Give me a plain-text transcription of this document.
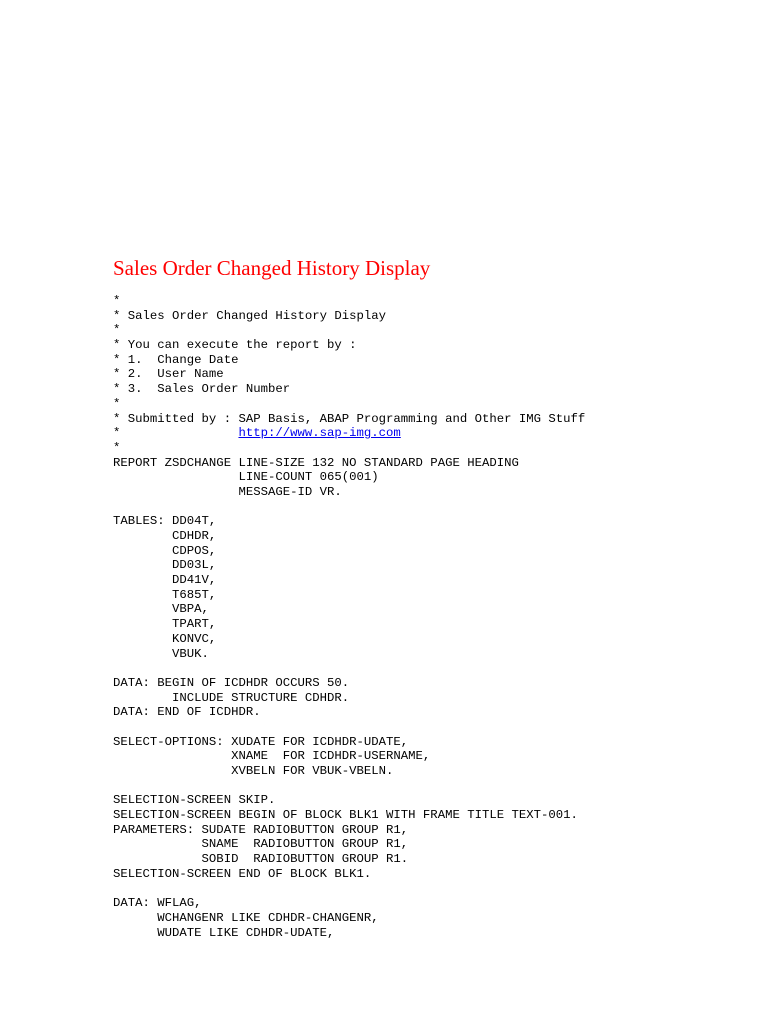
Sales Order Changed History Display
*
* Sales Order Changed History Display
*
* You can execute the report by :
* 1.  Change Date
* 2.  User Name
* 3.  Sales Order Number
*
* Submitted by : SAP Basis, ABAP Programming and Other IMG Stuff
*                http://www.sap-img.com
*
REPORT ZSDCHANGE LINE-SIZE 132 NO STANDARD PAGE HEADING
LINE-COUNT 065(001)
MESSAGE-ID VR.
TABLES: DD04T,
CDHDR,
CDPOS,
DD03L,
DD41V,
T685T,
VBPA,
TPART,
KONVC,
VBUK.
DATA: BEGIN OF ICDHDR OCCURS 50.
INCLUDE STRUCTURE CDHDR.
DATA: END OF ICDHDR.
SELECT-OPTIONS: XUDATE FOR ICDHDR-UDATE,
XNAME  FOR ICDHDR-USERNAME,
XVBELN FOR VBUK-VBELN.
SELECTION-SCREEN SKIP.
SELECTION-SCREEN BEGIN OF BLOCK BLK1 WITH FRAME TITLE TEXT-001.
PARAMETERS: SUDATE RADIOBUTTON GROUP R1,
SNAME  RADIOBUTTON GROUP R1,
SOBID  RADIOBUTTON GROUP R1.
SELECTION-SCREEN END OF BLOCK BLK1.
DATA: WFLAG,
WCHANGENR LIKE CDHDR-CHANGENR,
WUDATE LIKE CDHDR-UDATE,
